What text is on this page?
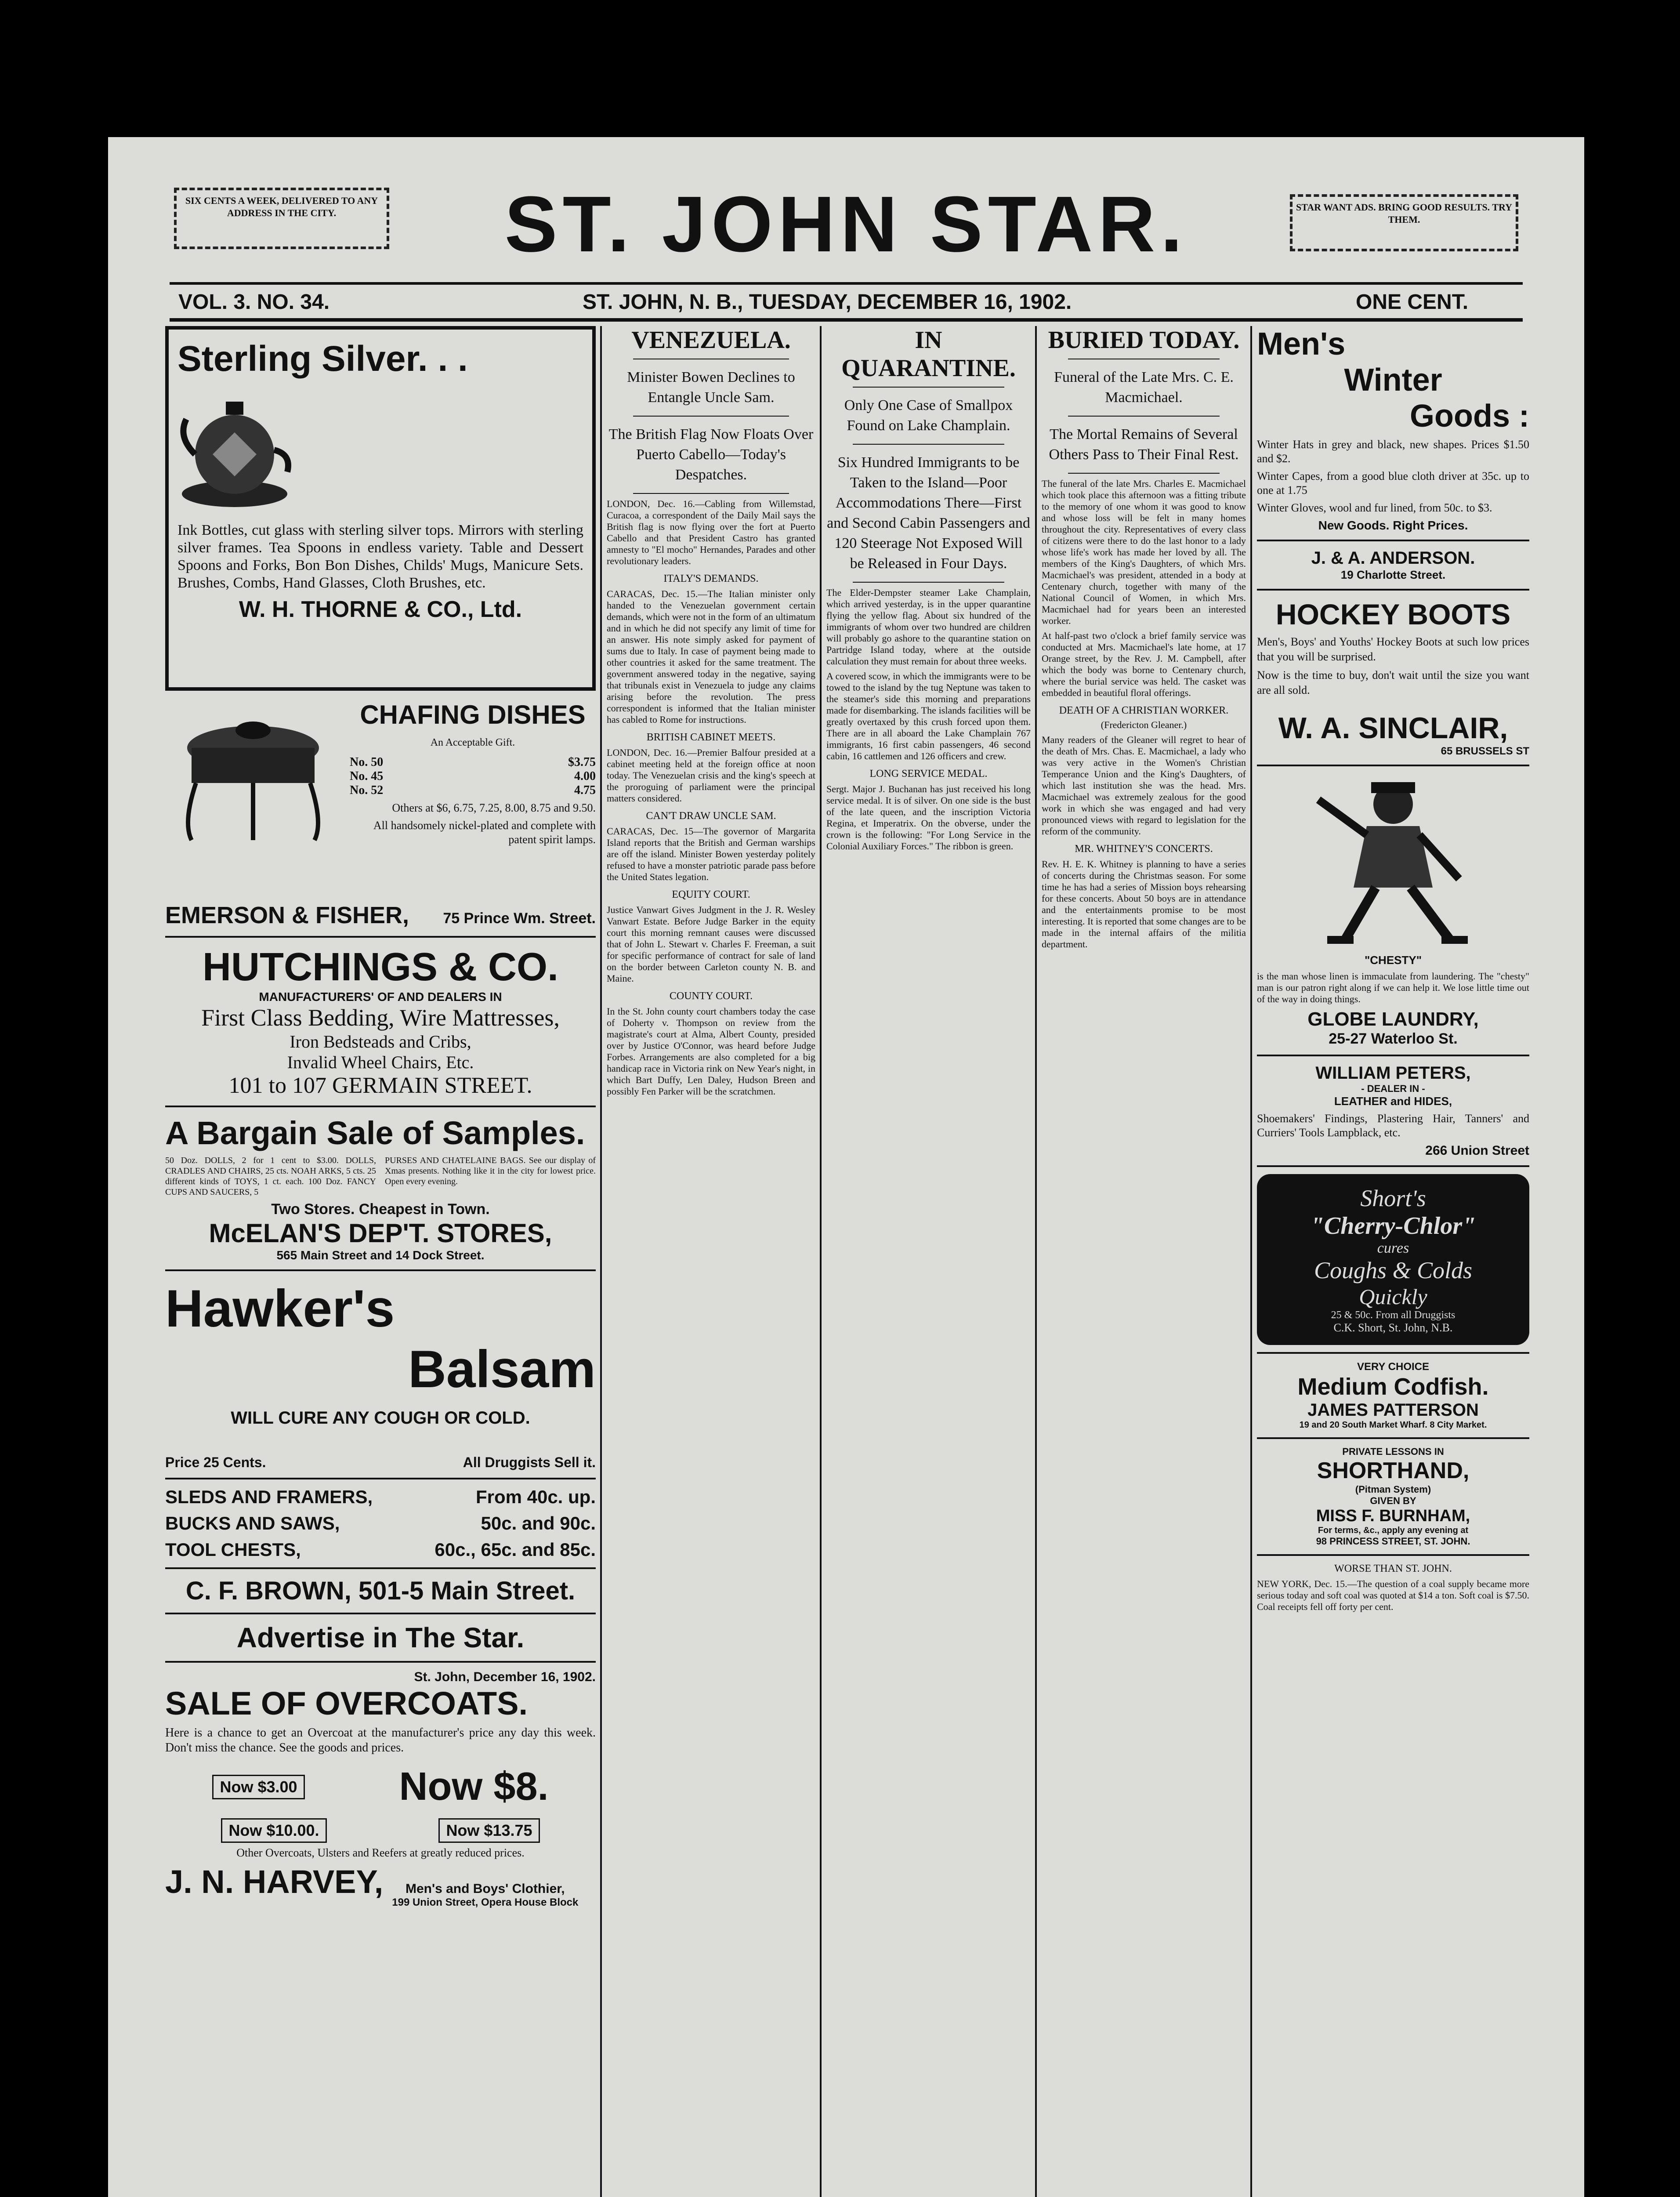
SIX CENTS A WEEK, DELIVERED TO ANY ADDRESS IN THE CITY.	ST. JOHN STAR.	STAR WANT ADS. BRING GOOD RESULTS. TRY THEM.
VOL. 3. NO. 34.	ST. JOHN, N. B., TUESDAY, DECEMBER 16, 1902.	ONE CENT.
Sterling Silver. . .
Ink Bottles, cut glass with sterling silver tops. Mirrors with sterling silver frames. Tea Spoons in endless variety. Table and Dessert Spoons and Forks, Bon Bon Dishes, Childs' Mugs, Manicure Sets. Brushes, Combs, Hand Glasses, Cloth Brushes, etc.
W. H. THORNE & CO., Ltd.
CHAFING DISHES
An Acceptable Gift.
No. 50	$3.75
No. 45	4.00
No. 52	4.75
Others at $6, 6.75, 7.25, 8.00, 8.75 and 9.50.
All handsomely nickel-plated and complete with patent spirit lamps.
EMERSON & FISHER, 75 Prince Wm. Street.
HUTCHINGS & CO.
MANUFACTURERS' OF AND DEALERS IN
First Class Bedding, Wire Mattresses,
Iron Bedsteads and Cribs,
Invalid Wheel Chairs, Etc.
101 to 107 GERMAIN STREET.
A Bargain Sale of Samples.
50 Doz. DOLLS, 2 for 1 cent to $3.00. DOLLS, CRADLES AND CHAIRS, 25 cts. NOAH ARKS, 5 cts. 25 different kinds of TOYS, 1 ct. each. 100 Doz. FANCY CUPS AND SAUCERS, 5
PURSES AND CHATELAINE BAGS. See our display of Xmas presents. Nothing like it in the city for lowest price. Open every evening.
Two Stores. Cheapest in Town.
McELAN'S DEP'T. STORES,
565 Main Street and 14 Dock Street.
Hawker's
Balsam
WILL CURE ANY COUGH OR COLD.
Price 25 Cents.	All Druggists Sell it.
SLEDS AND FRAMERS,	From 40c. up.
BUCKS AND SAWS,	50c. and 90c.
TOOL CHESTS,	60c., 65c. and 85c.
C. F. BROWN, 501-5 Main Street.
Advertise in The Star.
St. John, December 16, 1902.
SALE OF OVERCOATS.
Here is a chance to get an Overcoat at the manufacturer's price any day this week. Don't miss the chance. See the goods and prices.
Now $3.00	Now $8.
Now $10.00.	Now $13.75
Other Overcoats, Ulsters and Reefers at greatly reduced prices.
J. N. HARVEY,	Men's and Boys' Clothier,
199 Union Street, Opera House Block
VENEZUELA.
Minister Bowen Declines to Entangle Uncle Sam.
The British Flag Now Floats Over Puerto Cabello—Today's Despatches.
LONDON, Dec. 16.—Cabling from Willemstad, Curacoa, a correspondent of the Daily Mail says the British flag is now flying over the fort at Puerto Cabello and that President Castro has granted amnesty to "El mocho" Hernandes, Parades and other revolutionary leaders.
ITALY'S DEMANDS.
CARACAS, Dec. 15.—The Italian minister only handed to the Venezuelan government certain demands, which were not in the form of an ultimatum and in which he did not specify any limit of time for an answer. His note simply asked for payment of sums due to Italy. In case of payment being made to other countries it asked for the same treatment. The government answered today in the negative, saying that tribunals exist in Venezuela to judge any claims arising before the revolution. The press correspondent is informed that the Italian minister has cabled to Rome for instructions.
BRITISH CABINET MEETS.
LONDON, Dec. 16.—Premier Balfour presided at a cabinet meeting held at the foreign office at noon today. The Venezuelan crisis and the king's speech at the proroguing of parliament were the principal matters considered.
CAN'T DRAW UNCLE SAM.
CARACAS, Dec. 15—The governor of Margarita Island reports that the British and German warships are off the island. Minister Bowen yesterday politely refused to have a monster patriotic parade pass before the United States legation.
EQUITY COURT.
Justice Vanwart Gives Judgment in the J. R. Wesley Vanwart Estate. Before Judge Barker in the equity court this morning remnant causes were discussed that of John L. Stewart v. Charles F. Freeman, a suit for specific performance of contract for sale of land on the border between Carleton county N. B. and Maine.
COUNTY COURT.
In the St. John county court chambers today the case of Doherty v. Thompson on review from the magistrate's court at Alma, Albert County, presided over by Justice O'Connor, was heard before Judge Forbes. Arrangements are also completed for a big handicap race in Victoria rink on New Year's night, in which Bart Duffy, Len Daley, Hudson Breen and possibly Fen Parker will be the scratchmen.
IN QUARANTINE.
Only One Case of Smallpox Found on Lake Champlain.
Six Hundred Immigrants to be Taken to the Island—Poor Accommodations There—First and Second Cabin Passengers and 120 Steerage Not Exposed Will be Released in Four Days.
The Elder-Dempster steamer Lake Champlain, which arrived yesterday, is in the upper quarantine flying the yellow flag. About six hundred of the immigrants of whom over two hundred are children will probably go ashore to the quarantine station on Partridge Island today, where at the outside calculation they must remain for about three weeks.
A covered scow, in which the immigrants were to be towed to the island by the tug Neptune was taken to the steamer's side this morning and preparations made for disembarking. The islands facilities will be greatly overtaxed by this crush forced upon them. There are in all aboard the Lake Champlain 767 immigrants, 16 first cabin passengers, 46 second cabin, 16 cattlemen and 126 officers and crew.
LONG SERVICE MEDAL.
Sergt. Major J. Buchanan has just received his long service medal. It is of silver. On one side is the bust of the late queen, and the inscription Victoria Regina, et Imperatrix. On the obverse, under the crown is the following: "For Long Service in the Colonial Auxiliary Forces." The ribbon is green.
BURIED TODAY.
Funeral of the Late Mrs. C. E. Macmichael.
The Mortal Remains of Several Others Pass to Their Final Rest.
The funeral of the late Mrs. Charles E. Macmichael which took place this afternoon was a fitting tribute to the memory of one whom it was good to know and whose loss will be felt in many homes throughout the city. Representatives of every class of citizens were there to do the last honor to a lady whose life's work has made her loved by all. The members of the King's Daughters, of which Mrs. Macmichael's was president, attended in a body at Centenary church, together with many of the National Council of Women, in which Mrs. Macmichael had for years been an interested worker.
At half-past two o'clock a brief family service was conducted at Mrs. Macmichael's late home, at 17 Orange street, by the Rev. J. M. Campbell, after which the body was borne to Centenary church, where the burial service was held. The casket was embedded in beautiful floral offerings.
DEATH OF A CHRISTIAN WORKER.
(Fredericton Gleaner.)
Many readers of the Gleaner will regret to hear of the death of Mrs. Chas. E. Macmichael, a lady who was very active in the Women's Christian Temperance Union and the King's Daughters, of which last institution she was the head. Mrs. Macmichael was extremely zealous for the good work in which she was engaged and had very pronounced views with regard to legislation for the reform of the community.
MR. WHITNEY'S CONCERTS.
Rev. H. E. K. Whitney is planning to have a series of concerts during the Christmas season. For some time he has had a series of Mission boys rehearsing for these concerts. About 50 boys are in attendance and the entertainments promise to be most interesting. It is reported that some changes are to be made in the internal affairs of the militia department.
Men's
Winter
Goods :
Winter Hats in grey and black, new shapes. Prices $1.50 and $2.
Winter Capes, from a good blue cloth driver at 35c. up to one at 1.75
Winter Gloves, wool and fur lined, from 50c. to $3.
New Goods. Right Prices.
J. & A. ANDERSON.
19 Charlotte Street.
HOCKEY BOOTS
Men's, Boys' and Youths' Hockey Boots at such low prices that you will be surprised.
Now is the time to buy, don't wait until the size you want are all sold.
W. A. SINCLAIR,
65 BRUSSELS ST
"CHESTY"
is the man whose linen is immaculate from laundering. The "chesty" man is our patron right along if we can help it. We lose little time out of the way in doing things.
GLOBE LAUNDRY,
25-27 Waterloo St.
WILLIAM PETERS,
- DEALER IN -
LEATHER and HIDES,
Shoemakers' Findings, Plastering Hair, Tanners' and Curriers' Tools Lampblack, etc.
266 Union Street
Short's
"Cherry-Chlor"
cures
Coughs & Colds
Quickly
25 & 50c. From all Druggists
C.K. Short, St. John, N.B.
VERY CHOICE
Medium Codfish.
JAMES PATTERSON
19 and 20 South Market Wharf. 8 City Market.
PRIVATE LESSONS IN
SHORTHAND,
(Pitman System)
GIVEN BY
MISS F. BURNHAM,
For terms, &c., apply any evening at
98 PRINCESS STREET, ST. JOHN.
WORSE THAN ST. JOHN.
NEW YORK, Dec. 15.—The question of a coal supply became more serious today and soft coal was quoted at $14 a ton. Soft coal is $7.50. Coal receipts fell off forty per cent.
